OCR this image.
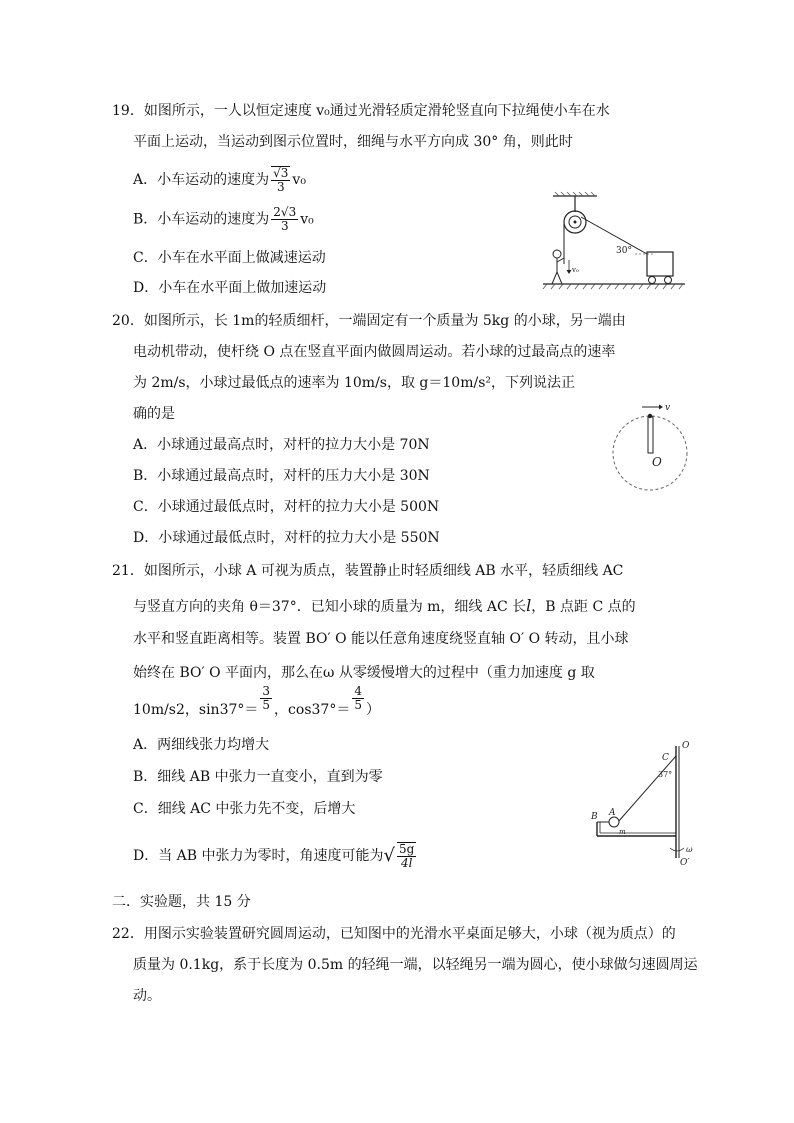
19．如图所示，一人以恒定速度 v₀通过光滑轻质定滑轮竖直向下拉绳使小车在水
平面上运动，当运动到图示位置时，细绳与水平方向成 30° 角，则此时
A．小车运动的速度为 $\frac{√3}{3} v_0$
B．小车运动的速度为 $\frac{2√3}{3} v_0$
C．小车在水平面上做减速运动
D．小车在水平面上做加速运动
30°
v₀
20．如图所示，长 1m的轻质细杆，一端固定有一个质量为 5kg 的小球，另一端由
电动机带动，使杆绕 O 点在竖直平面内做圆周运动。若小球的过最高点的速率
为 2m/s，小球过最低点的速率为 10m/s，取 g＝10m/s²，下列说法正
确的是
A．小球通过最高点时，对杆的拉力大小是 70N
B．小球通过最高点时，对杆的压力大小是 30N
C．小球通过最低点时，对杆的拉力大小是 500N
D．小球通过最低点时，对杆的拉力大小是 550N
v
O
21．如图所示，小球 A 可视为质点，装置静止时轻质细线 AB 水平，轻质细线 AC
与竖直方向的夹角 θ＝37°．已知小球的质量为 m，细线 AC 长l，B 点距 C 点的
水平和竖直距离相等。装置 BO′ O 能以任意角速度绕竖直轴 O′ O 转动，且小球
始终在 BO′ O 平面内，那么在ω 从零缓慢增大的过程中（重力加速度 g 取
10m/s2，$\sin 37^\circ= \frac{3}{5}$ ，$\cos 37^\circ= \frac{4}{5}$ ）
A．两细线张力均增大
B．细线 AB 中张力一直变小，直到为零
C．细线 AC 中张力先不变，后增大
D．当 AB 中张力为零时，角速度可能为√ $\frac{5g}{4l}$
O
C
37°
A
m
B
ω
O′
二．实验题，共 15 分
22．用图示实验装置研究圆周运动，已知图中的光滑水平桌面足够大，小球（视为质点）的
质量为 0.1kg，系于长度为 0.5m 的轻绳一端，以轻绳另一端为圆心，使小球做匀速圆周运
动。
